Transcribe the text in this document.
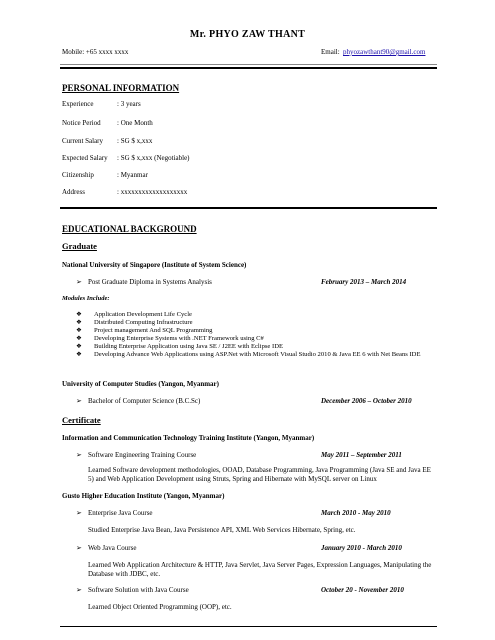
Mr. PHYO ZAW THANT
Mobile: +65 xxxx xxxx	Email: phyozawthant90@gmail.com
PERSONAL INFORMATION
Experience	: 3 years
Notice Period : One Month
Current Salary : SG $ x,xxx
Expected Salary : SG $ x,xxx (Negotiable)
Citizenship	: Myanmar
Address	: xxxxxxxxxxxxxxxxxxx
EDUCATIONAL BACKGROUND
Graduate
National University of Singapore (Institute of System Science)
➢ Post Graduate Diploma in Systems Analysis	February 2013 – March 2014
Modules Include:
❖ Application Development Life Cycle
❖ Distributed Computing Infrastructure
❖ Project management And SQL Programming
❖ Developing Enterprise Systems with .NET Framework using C#
❖ Building Enterprise Application using Java SE / J2EE with Eclipse IDE
❖ Developing Advance Web Applications using ASP.Net with Microsoft Visual Studio 2010 & Java EE 6 with Net Beans IDE
University of Computer Studies (Yangon, Myanmar)
➢ Bachelor of Computer Science (B.C.Sc)	December 2006 – October 2010
Certificate
Information and Communication Technology Training Institute (Yangon, Myanmar)
➢ Software Engineering Training Course	May 2011 – September 2011
Learned Software development methodologies, OOAD, Database Programming, Java Programming (Java SE and Java EE 5) and Web Application Development using Struts, Spring and Hibernate with MySQL server on Linux
Gusto Higher Education Institute (Yangon, Myanmar)
➢ Enterprise Java Course	March 2010 - May 2010
Studied Enterprise Java Bean, Java Persistence API, XML Web Services Hibernate, Spring, etc.
➢ Web Java Course	January 2010 - March 2010
Learned Web Application Architecture & HTTP, Java Servlet, Java Server Pages, Expression Languages, Manipulating the Database with JDBC, etc.
➢ Software Solution with Java Course	October 20 - November 2010
Learned Object Oriented Programming (OOP), etc.
